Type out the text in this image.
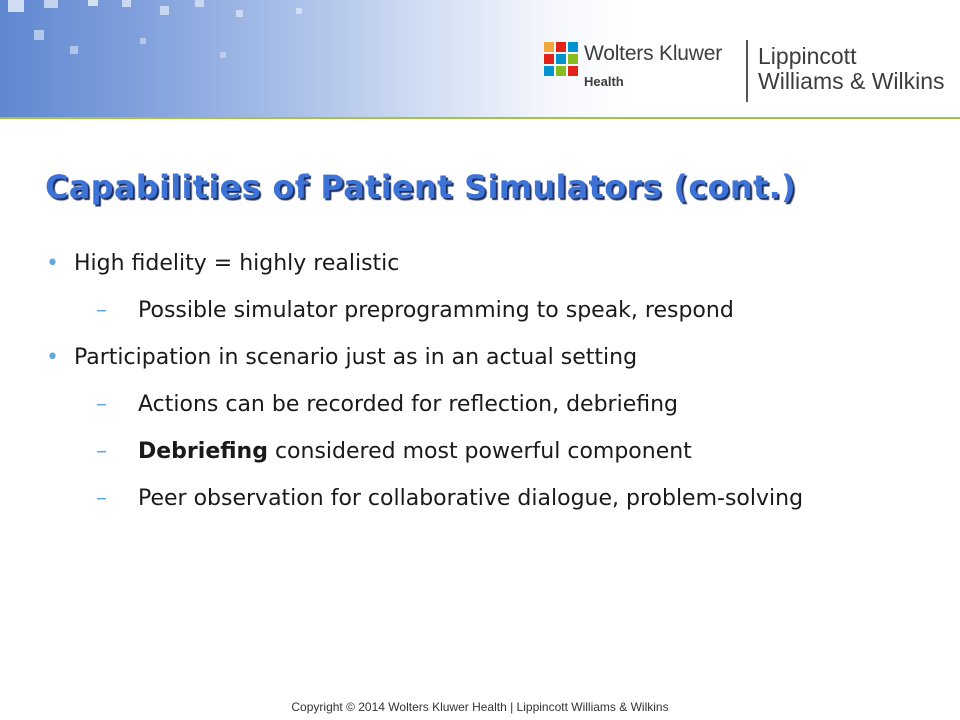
Wolters Kluwer
Health
Lippincott
Williams & Wilkins
Capabilities of Patient Simulators (cont.)
• High fidelity = highly realistic
– Possible simulator preprogramming to speak, respond
• Participation in scenario just as in an actual setting
– Actions can be recorded for reflection, debriefing
– Debriefing considered most powerful component
– Peer observation for collaborative dialogue, problem-solving
Copyright © 2014 Wolters Kluwer Health | Lippincott Williams & Wilkins
